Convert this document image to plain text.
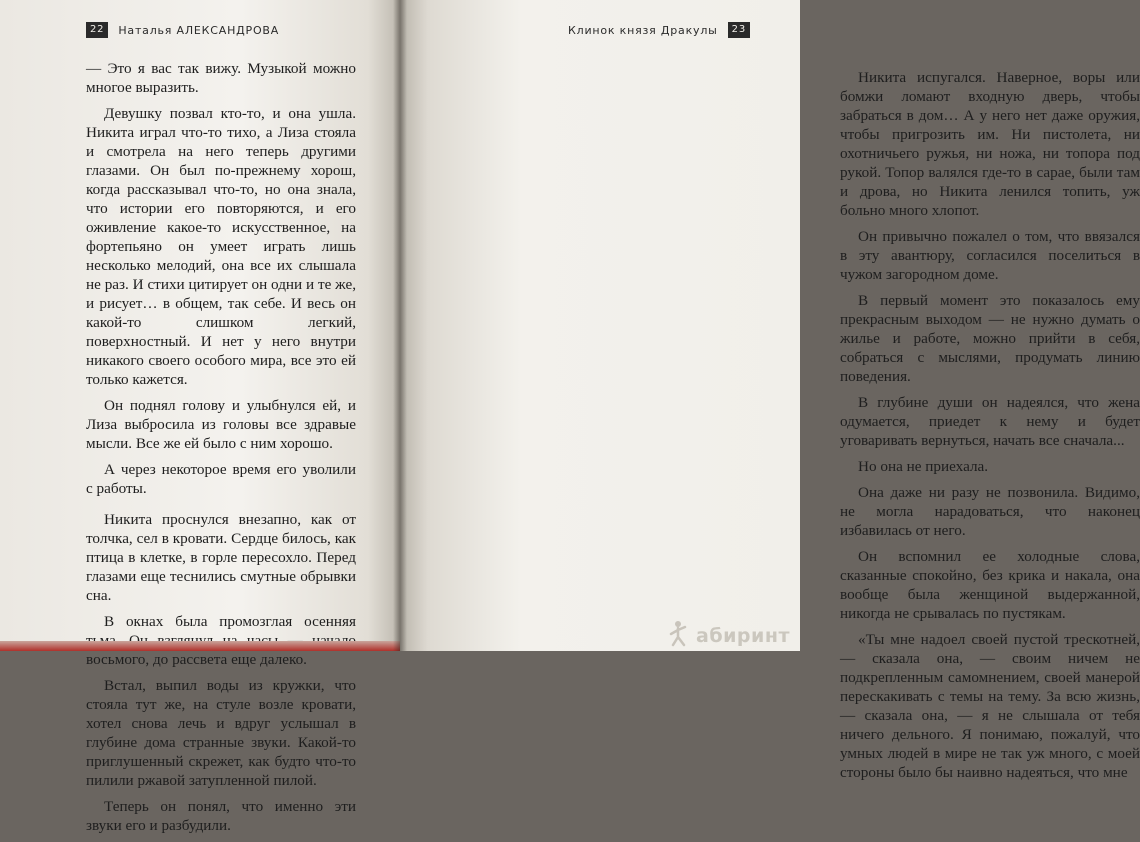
22	Наталья АЛЕКСАНДРОВА

— Это я вас так вижу. Музыкой можно многое выразить.

Девушку позвал кто-то, и она ушла. Никита играл что-то тихо, а Лиза стояла и смотрела на него теперь другими глазами. Он был по-прежнему хорош, когда рассказывал что-то, но она знала, что истории его повторяются, и его оживление какое-то искусственное, на фортепьяно он умеет играть лишь несколько мелодий, она все их слышала не раз. И стихи цитирует он одни и те же, и рисует… в общем, так себе. И весь он какой-то слишком легкий, поверхностный. И нет у него внутри никакого своего особого мира, все это ей только кажется.

Он поднял голову и улыбнулся ей, и Лиза выбросила из головы все здравые мысли. Все же ей было с ним хорошо.

А через некоторое время его уволили с работы.

Никита проснулся внезапно, как от толчка, сел в кровати. Сердце билось, как птица в клетке, в горле пересохло. Перед глазами еще теснились смутные обрывки сна.

В окнах была промозглая осенняя восьмого, до рассвета еще далеко.

Встал, выпил воды из кружки, что стояла тут же, на стуле возле кровати, хотел снова лечь и вдруг услышал в глубине дома странные звуки. Какой-то приглушенный скрежет, как будто что-то пилили ржавой затупленной пилой.

Теперь он понял, что именно эти звуки его и разбудили.

Клинок князя Дракулы	23

Никита испугался. Наверное, воры или бомжи ломают входную дверь, чтобы забраться в дом… А у него нет даже оружия, чтобы пригрозить им. Ни пистолета, ни охотничьего ружья, ни ножа, ни топора под рукой. Топор валялся где-то в сарае, были там и дрова, но Никита ленился топить, уж больно много хлопот.

Он привычно пожалел о том, что ввязался в эту авантюру, согласился поселиться в чужом загородном доме.

В первый момент это показалось ему прекрасным выходом — не нужно думать о жилье и работе, можно прийти в себя, собраться с мыслями, продумать линию поведения.

В глубине души он надеялся, что жена одумается, приедет к нему и будет уговаривать вернуться, начать все сначала...

Но она не приехала.

Она даже ни разу не позвонила. Видимо, не могла нарадоваться, что наконец избавилась от него.

Он вспомнил ее холодные слова, сказанные спокойно, без крика и накала, она вообще была женщиной выдержанной, никогда не срывалась по пустякам.

«Ты мне надоел своей пустой трескотней, — сказала она, — своим ничем не подкрепленным самомнением, своей манерой перескакивать с темы на тему. За всю жизнь, — сказала она, — я не слышала от тебя ничего дельного. Я понимаю, пожалуй, что умных людей в мире не так уж много, с моей стороны было бы наивно надеяться, что мне

абиринт
